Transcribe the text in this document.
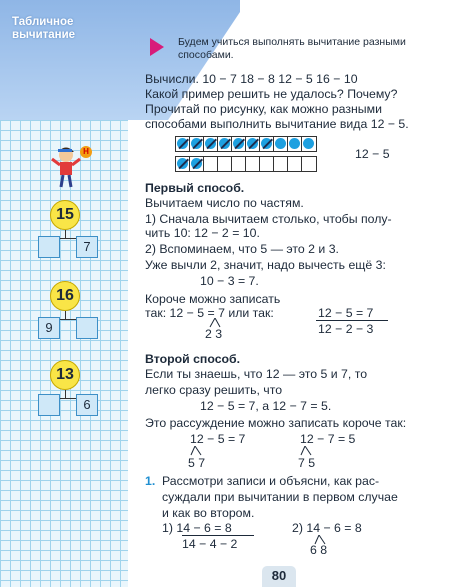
Табличное вычитание
Н
15
7
16
9
13
6
Будем учиться выполнять вычитание разными способами.
Вычисли. 10 − 7 18 − 8 12 − 5 16 − 10
Какой пример решить не удалось? Почему?
Прочитай по рисунку, как можно разными
способами выполнить вычитание вида 12 − 5.
12 − 5
Первый способ.
Вычитаем число по частям.
1) Сначала вычитаем столько, чтобы полу-
чить 10: 12 − 2 = 10.
2) Вспоминаем, что 5 — это 2 и 3.
Уже вычли 2, значит, надо вычесть ещё 3:
10 − 3 = 7.
Короче можно записать
так: 12 − 5 = 7 или так:
2 3
12 − 5 = 7
12 − 2 − 3
Второй способ.
Если ты знаешь, что 12 — это 5 и 7, то
легко сразу решить, что
12 − 5 = 7, а 12 − 7 = 5.
Это рассуждение можно записать короче так:
12 − 5 = 7
5 7
12 − 7 = 5
7 5
1. Рассмотри записи и объясни, как рас-
суждали при вычитании в первом случае
и как во втором.
1) 14 − 6 = 8
14 − 4 − 2
2) 14 − 6 = 8
6 8
80
